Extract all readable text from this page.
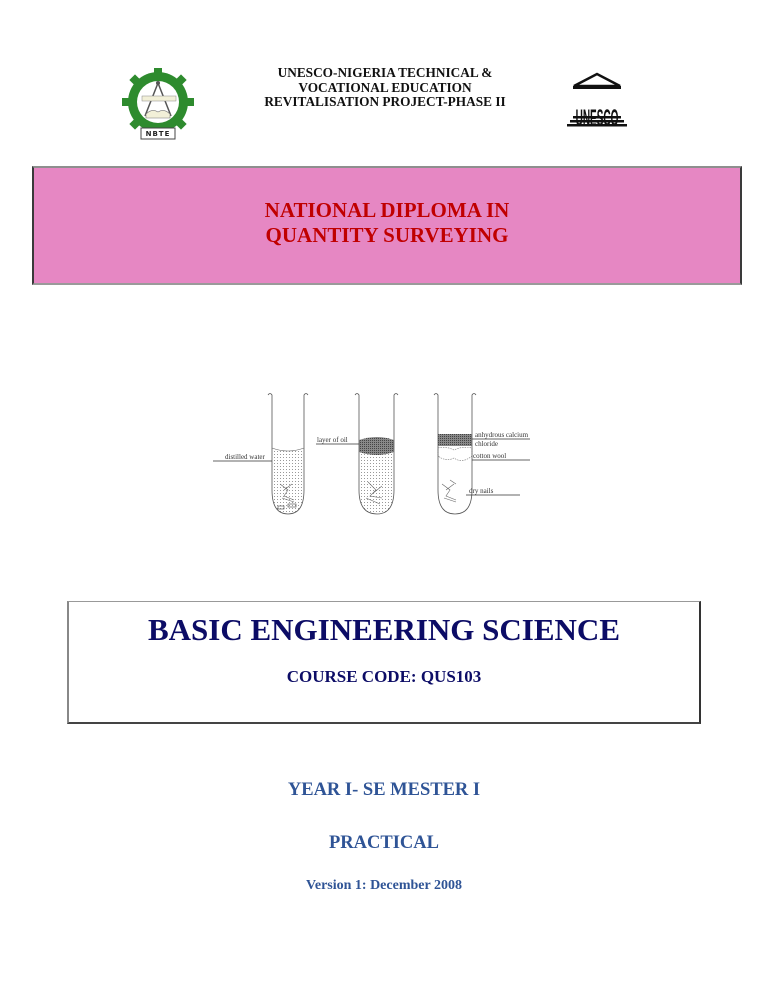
NBTE
UNESCO-NIGERIA TECHNICAL &
VOCATIONAL EDUCATION
REVITALISATION PROJECT-PHASE II
NATIONAL DIPLOMA IN
QUANTITY SURVEYING
distilled water
layer of oil
anhydrous calcium
chloride
cotton wool
dry nails
BASIC ENGINEERING SCIENCE
COURSE CODE: QUS103
YEAR I- SE MESTER I
PRACTICAL
Version 1: December 2008
